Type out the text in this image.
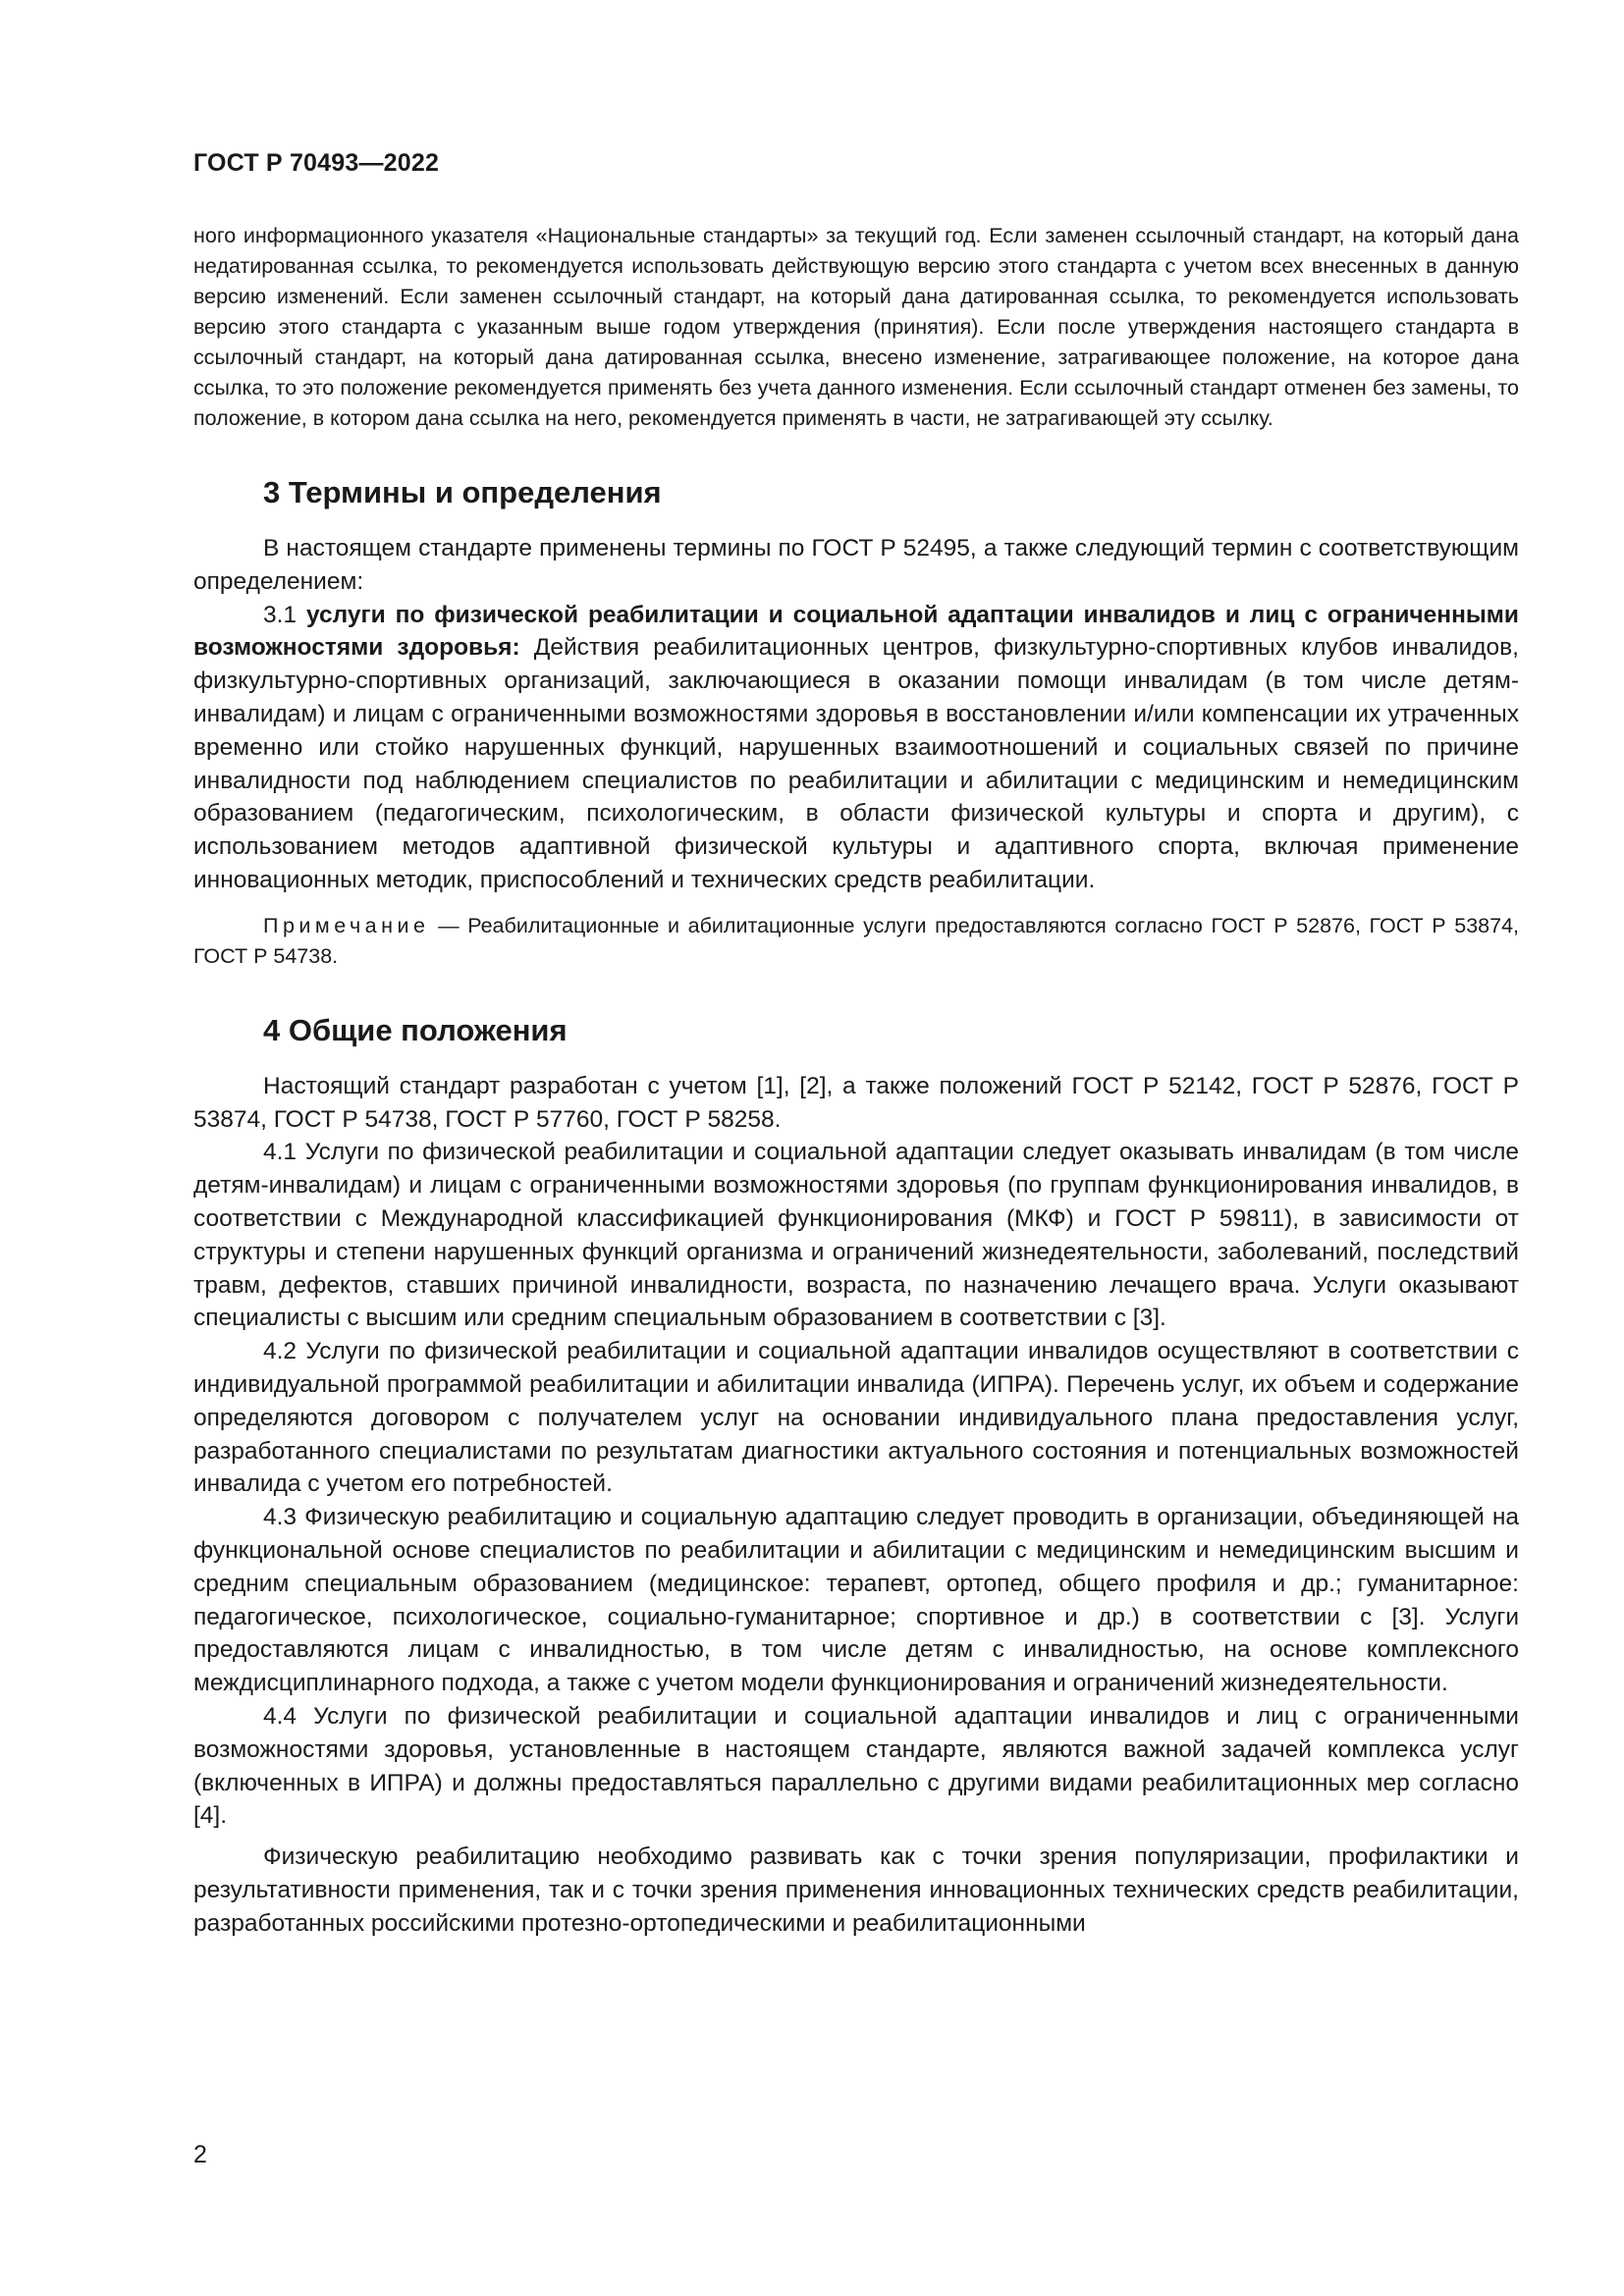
ГОСТ Р 70493—2022

ного информационного указателя «Национальные стандарты» за текущий год. Если заменен ссылочный стандарт, на который дана недатированная ссылка, то рекомендуется использовать действующую версию этого стандарта с учетом всех внесенных в данную версию изменений. Если заменен ссылочный стандарт, на который дана датированная ссылка, то рекомендуется использовать версию этого стандарта с указанным выше годом утверждения (принятия). Если после утверждения настоящего стандарта в ссылочный стандарт, на который дана датированная ссылка, внесено изменение, затрагивающее положение, на которое дана ссылка, то это положение рекомендуется применять без учета данного изменения. Если ссылочный стандарт отменен без замены, то положение, в котором дана ссылка на него, рекомендуется применять в части, не затрагивающей эту ссылку.

3 Термины и определения

В настоящем стандарте применены термины по ГОСТ Р 52495, а также следующий термин с соответствующим определением:

3.1 услуги по физической реабилитации и социальной адаптации инвалидов и лиц с ограниченными возможностями здоровья: Действия реабилитационных центров, физкультурно-спортивных клубов инвалидов, физкультурно-спортивных организаций, заключающиеся в оказании помощи инвалидам (в том числе детям-инвалидам) и лицам с ограниченными возможностями здоровья в восстановлении и/или компенсации их утраченных временно или стойко нарушенных функций, нарушенных взаимоотношений и социальных связей по причине инвалидности под наблюдением специалистов по реабилитации и абилитации с медицинским и немедицинским образованием (педагогическим, психологическим, в области физической культуры и спорта и другим), с использованием методов адаптивной физической культуры и адаптивного спорта, включая применение инновационных методик, приспособлений и технических средств реабилитации.

Примечание — Реабилитационные и абилитационные услуги предоставляются согласно ГОСТ Р 52876, ГОСТ Р 53874, ГОСТ Р 54738.

4 Общие положения

Настоящий стандарт разработан с учетом [1], [2], а также положений ГОСТ Р 52142, ГОСТ Р 52876, ГОСТ Р 53874, ГОСТ Р 54738, ГОСТ Р 57760, ГОСТ Р 58258.

4.1 Услуги по физической реабилитации и социальной адаптации следует оказывать инвалидам (в том числе детям-инвалидам) и лицам с ограниченными возможностями здоровья (по группам функционирования инвалидов, в соответствии с Международной классификацией функционирования (МКФ) и ГОСТ Р 59811), в зависимости от структуры и степени нарушенных функций организма и ограничений жизнедеятельности, заболеваний, последствий травм, дефектов, ставших причиной инвалидности, возраста, по назначению лечащего врача. Услуги оказывают специалисты с высшим или средним специальным образованием в соответствии с [3].

4.2 Услуги по физической реабилитации и социальной адаптации инвалидов осуществляют в соответствии с индивидуальной программой реабилитации и абилитации инвалида (ИПРА). Перечень услуг, их объем и содержание определяются договором с получателем услуг на основании индивидуального плана предоставления услуг, разработанного специалистами по результатам диагностики актуального состояния и потенциальных возможностей инвалида с учетом его потребностей.

4.3 Физическую реабилитацию и социальную адаптацию следует проводить в организации, объединяющей на функциональной основе специалистов по реабилитации и абилитации с медицинским и немедицинским высшим и средним специальным образованием (медицинское: терапевт, ортопед, общего профиля и др.; гуманитарное: педагогическое, психологическое, социально-гуманитарное; спортивное и др.) в соответствии с [3]. Услуги предоставляются лицам с инвалидностью, в том числе детям с инвалидностью, на основе комплексного междисциплинарного подхода, а также с учетом модели функционирования и ограничений жизнедеятельности.

4.4 Услуги по физической реабилитации и социальной адаптации инвалидов и лиц с ограниченными возможностями здоровья, установленные в настоящем стандарте, являются важной задачей комплекса услуг (включенных в ИПРА) и должны предоставляться параллельно с другими видами реабилитационных мер согласно [4].

Физическую реабилитацию необходимо развивать как с точки зрения популяризации, профилактики и результативности применения, так и с точки зрения применения инновационных технических средств реабилитации, разработанных российскими протезно-ортопедическими и реабилитационными

2
